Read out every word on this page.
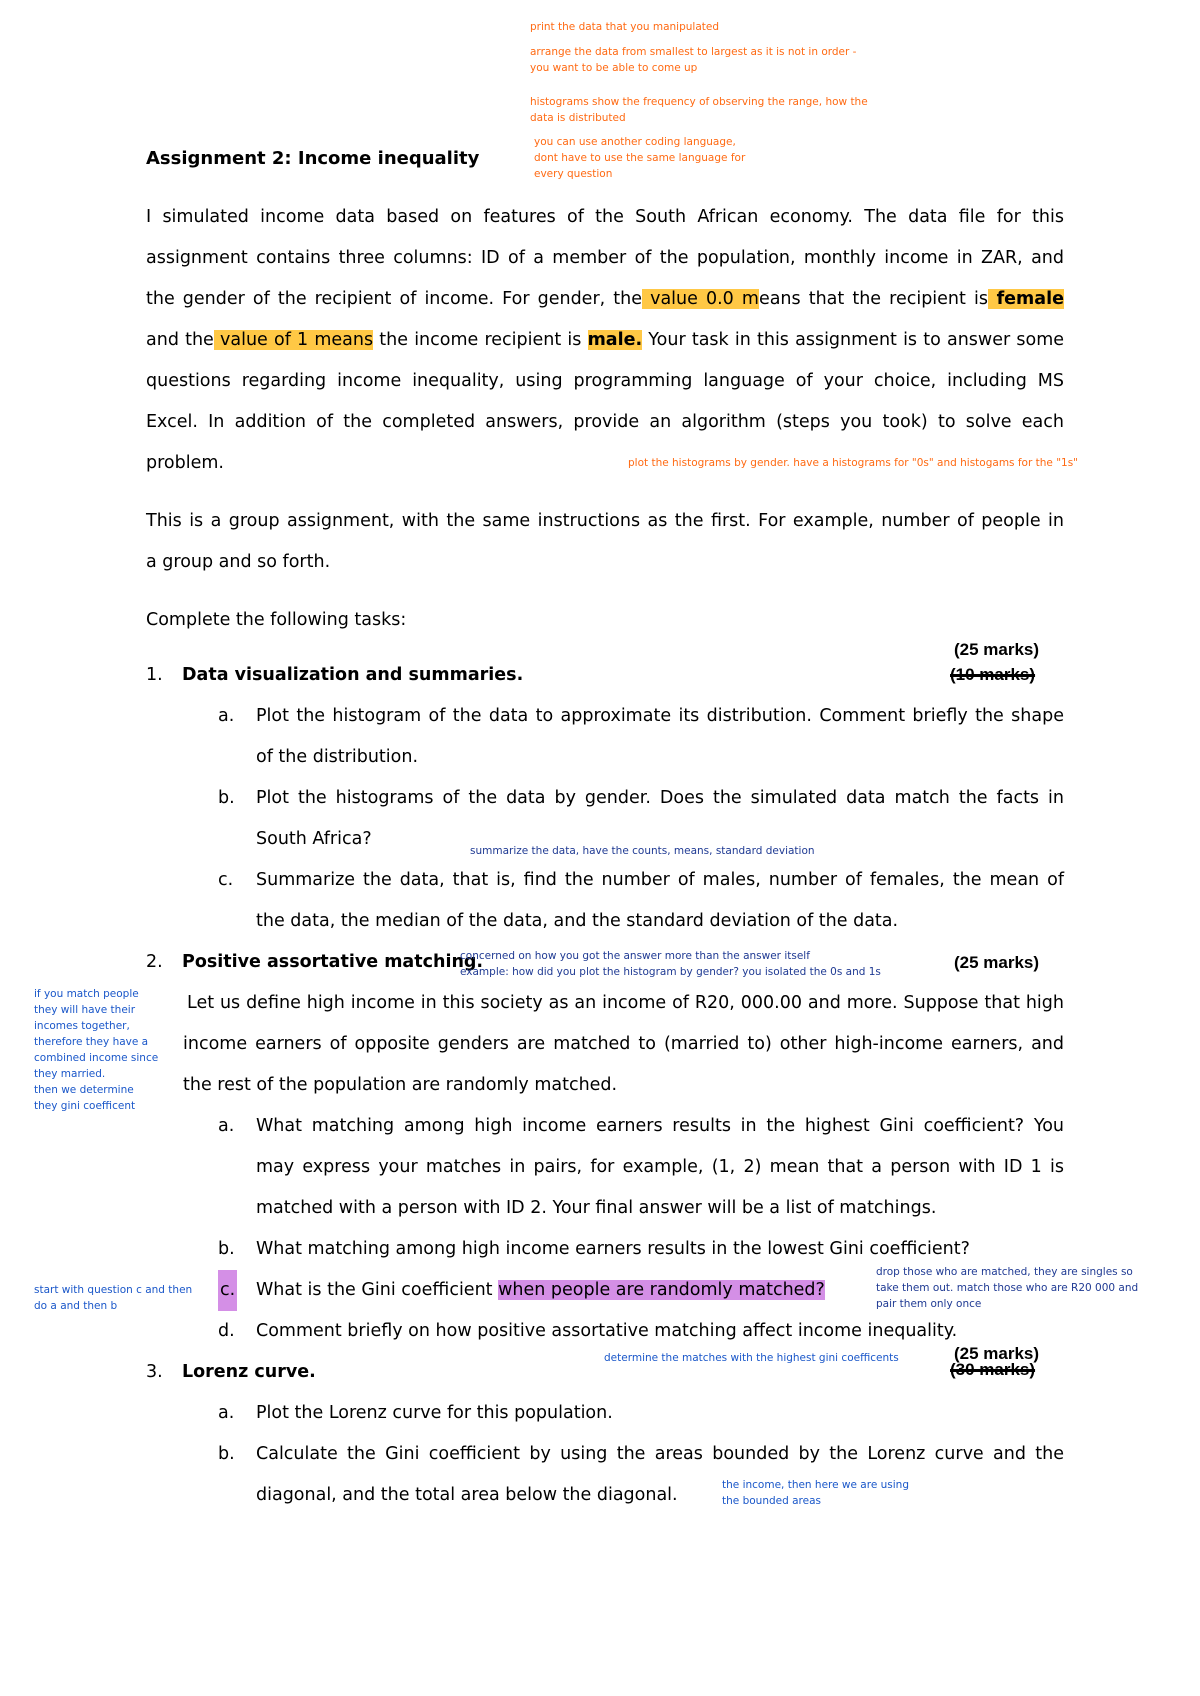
print the data that you manipulated
arrange the data from smallest to largest as it is not in order -
you want to be able to come up
histograms show the frequency of observing the range, how the
data is distributed
you can use another coding language,
dont have to use the same language for
every question
Assignment 2: Income inequality
I simulated income data based on features of the South African economy. The data file for this
assignment contains three columns: ID of a member of the population, monthly income in ZAR, and
the gender of the recipient of income. For gender, the value 0.0 means that the recipient is female
and the value of 1 means the income recipient is male. Your task in this assignment is to answer some
questions regarding income inequality, using programming language of your choice, including MS
Excel. In addition of the completed answers, provide an algorithm (steps you took) to solve each
problem.	plot the histograms by gender. have a histograms for "0s" and histogams for the "1s"
This is a group assignment, with the same instructions as the first. For example, number of people in
a group and so forth.
Complete the following tasks:
(25 marks)
(10 marks)
1. Data visualization and summaries.
a. Plot the histogram of the data to approximate its distribution. Comment briefly the shape
of the distribution.
b. Plot the histograms of the data by gender. Does the simulated data match the facts in
South Africa?
c. Summarize the data, that is, find the number of males, number of females, the mean of
the data, the median of the data, and the standard deviation of the data.
summarize the data, have the counts, means, standard deviation
2. Positive assortative matching.
concerned on how you got the answer more than the answer itself
example: how did you plot the histogram by gender? you isolated the 0s and 1s	(25 marks)
if you match people
they will have their
incomes together,
therefore they have a
combined income since
they married.
then we determine
they gini coefficent
Let us define high income in this society as an income of R20, 000.00 and more. Suppose that high
income earners of opposite genders are matched to (married to) other high-income earners, and
the rest of the population are randomly matched.
a. What matching among high income earners results in the highest Gini coefficient? You
may express your matches in pairs, for example, (1, 2) mean that a person with ID 1 is
matched with a person with ID 2. Your final answer will be a list of matchings.
b. What matching among high income earners results in the lowest Gini coefficient?
c. What is the Gini coefficient when people are randomly matched?
d. Comment briefly on how positive assortative matching affect income inequality.
start with question c and then
do a and then b
drop those who are matched, they are singles so
take them out. match those who are R20 000 and
pair them only once
determine the matches with the highest gini coefficents	(25 marks)
(30 marks)
3. Lorenz curve.
a. Plot the Lorenz curve for this population.
b. Calculate the Gini coefficient by using the areas bounded by the Lorenz curve and the
diagonal, and the total area below the diagonal.	the income, then here we are using
the bounded areas
